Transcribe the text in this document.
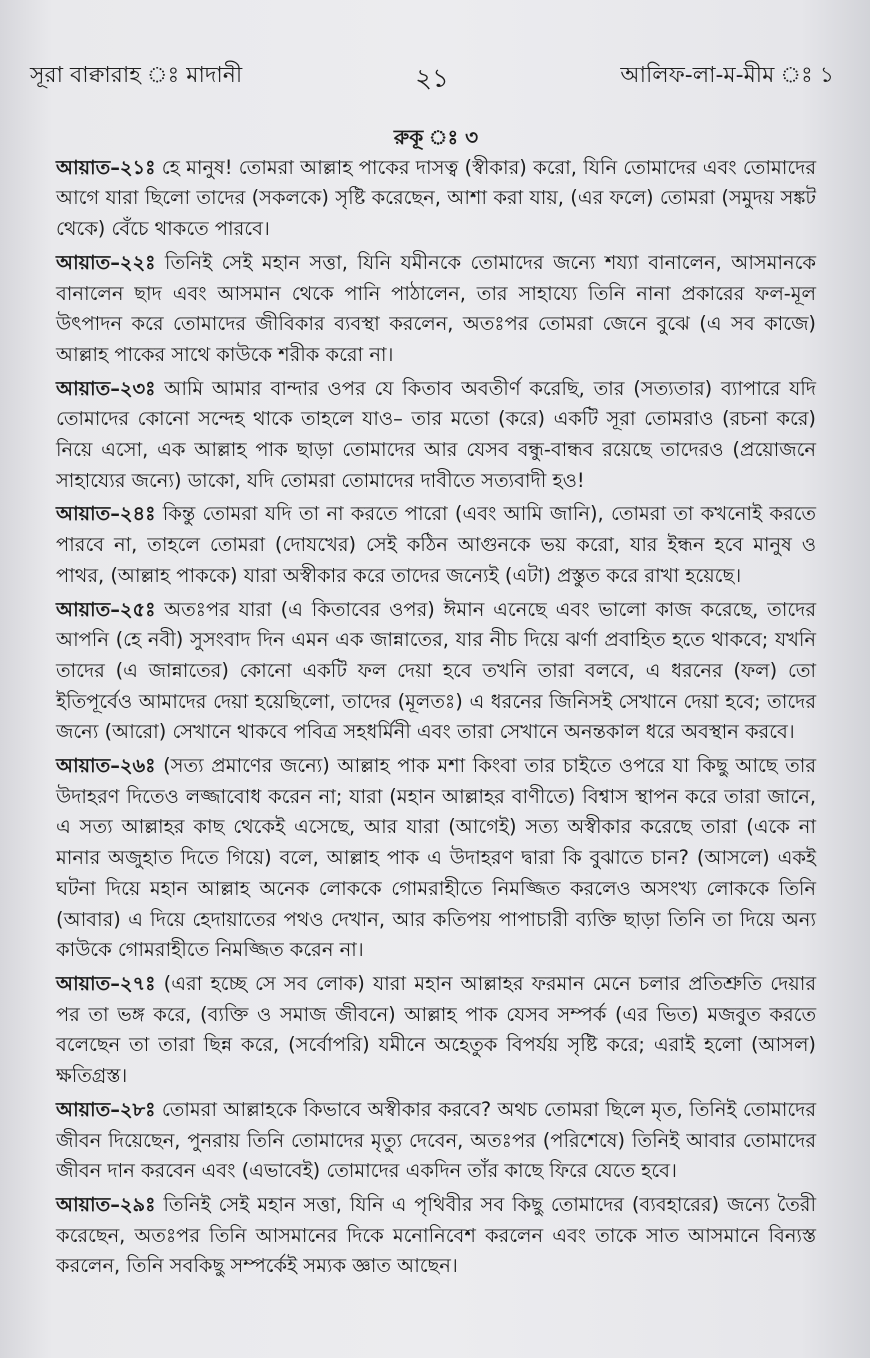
সূরা বাক্বারাহ ঃ মাদানী	২১	আলিফ-লা-ম-মীম ঃ ১
রুকূ ঃ ৩

আয়াত–২১ঃ হে মানুষ! তোমরা আল্লাহ পাকের দাসত্ব (স্বীকার) করো, যিনি তোমাদের এবং তোমাদের আগে যারা ছিলো তাদের (সকলকে) সৃষ্টি করেছেন, আশা করা যায়, (এর ফলে) তোমরা (সমুদয় সঙ্কট থেকে) বেঁচে থাকতে পারবে।

আয়াত–২২ঃ তিনিই সেই মহান সত্তা, যিনি যমীনকে তোমাদের জন্যে শয্যা বানালেন, আসমানকে বানালেন ছাদ এবং আসমান থেকে পানি পাঠালেন, তার সাহায্যে তিনি নানা প্রকারের ফল-মূল উৎপাদন করে তোমাদের জীবিকার ব্যবস্থা করলেন, অতঃপর তোমরা জেনে বুঝে (এ সব কাজে) আল্লাহ পাকের সাথে কাউকে শরীক করো না।

আয়াত–২৩ঃ আমি আমার বান্দার ওপর যে কিতাব অবতীর্ণ করেছি, তার (সত্যতার) ব্যাপারে যদি তোমাদের কোনো সন্দেহ থাকে তাহলে যাও– তার মতো (করে) একটি সূরা তোমরাও (রচনা করে) নিয়ে এসো, এক আল্লাহ পাক ছাড়া তোমাদের আর যেসব বন্ধু-বান্ধব রয়েছে তাদেরও (প্রয়োজনে সাহায্যের জন্যে) ডাকো, যদি তোমরা তোমাদের দাবীতে সত্যবাদী হও!

আয়াত–২৪ঃ কিন্তু তোমরা যদি তা না করতে পারো (এবং আমি জানি), তোমরা তা কখনোই করতে পারবে না, তাহলে তোমরা (দোযখের) সেই কঠিন আগুনকে ভয় করো, যার ইন্ধন হবে মানুষ ও পাথর, (আল্লাহ পাককে) যারা অস্বীকার করে তাদের জন্যেই (এটা) প্রস্তুত করে রাখা হয়েছে।

আয়াত–২৫ঃ অতঃপর যারা (এ কিতাবের ওপর) ঈমান এনেছে এবং ভালো কাজ করেছে, তাদের আপনি (হে নবী) সুসংবাদ দিন এমন এক জান্নাতের, যার নীচ দিয়ে ঝর্ণা প্রবাহিত হতে থাকবে; যখনি তাদের (এ জান্নাতের) কোনো একটি ফল দেয়া হবে তখনি তারা বলবে, এ ধরনের (ফল) তো ইতিপূর্বেও আমাদের দেয়া হয়েছিলো, তাদের (মূলতঃ) এ ধরনের জিনিসই সেখানে দেয়া হবে; তাদের জন্যে (আরো) সেখানে থাকবে পবিত্র সহধর্মিনী এবং তারা সেখানে অনন্তকাল ধরে অবস্থান করবে।

আয়াত–২৬ঃ (সত্য প্রমাণের জন্যে) আল্লাহ পাক মশা কিংবা তার চাইতে ওপরে যা কিছু আছে তার উদাহরণ দিতেও লজ্জাবোধ করেন না; যারা (মহান আল্লাহর বাণীতে) বিশ্বাস স্থাপন করে তারা জানে, এ সত্য আল্লাহর কাছ থেকেই এসেছে, আর যারা (আগেই) সত্য অস্বীকার করেছে তারা (একে না মানার অজুহাত দিতে গিয়ে) বলে, আল্লাহ পাক এ উদাহরণ দ্বারা কি বুঝাতে চান? (আসলে) একই ঘটনা দিয়ে মহান আল্লাহ অনেক লোককে গোমরাহীতে নিমজ্জিত করলেও অসংখ্য লোককে তিনি (আবার) এ দিয়ে হেদায়াতের পথও দেখান, আর কতিপয় পাপাচারী ব্যক্তি ছাড়া তিনি তা দিয়ে অন্য কাউকে গোমরাহীতে নিমজ্জিত করেন না।

আয়াত–২৭ঃ (এরা হচ্ছে সে সব লোক) যারা মহান আল্লাহর ফরমান মেনে চলার প্রতিশ্রুতি দেয়ার পর তা ভঙ্গ করে, (ব্যক্তি ও সমাজ জীবনে) আল্লাহ পাক যেসব সম্পর্ক (এর ভিত) মজবুত করতে বলেছেন তা তারা ছিন্ন করে, (সর্বোপরি) যমীনে অহেতুক বিপর্যয় সৃষ্টি করে; এরাই হলো (আসল) ক্ষতিগ্রস্ত।

আয়াত–২৮ঃ তোমরা আল্লাহকে কিভাবে অস্বীকার করবে? অথচ তোমরা ছিলে মৃত, তিনিই তোমাদের জীবন দিয়েছেন, পুনরায় তিনি তোমাদের মৃত্যু দেবেন, অতঃপর (পরিশেষে) তিনিই আবার তোমাদের জীবন দান করবেন এবং (এভাবেই) তোমাদের একদিন তাঁর কাছে ফিরে যেতে হবে।

আয়াত–২৯ঃ তিনিই সেই মহান সত্তা, যিনি এ পৃথিবীর সব কিছু তোমাদের (ব্যবহারের) জন্যে তৈরী করেছেন, অতঃপর তিনি আসমানের দিকে মনোনিবেশ করলেন এবং তাকে সাত আসমানে বিন্যস্ত করলেন, তিনি সবকিছু সম্পর্কেই সম্যক জ্ঞাত আছেন।
